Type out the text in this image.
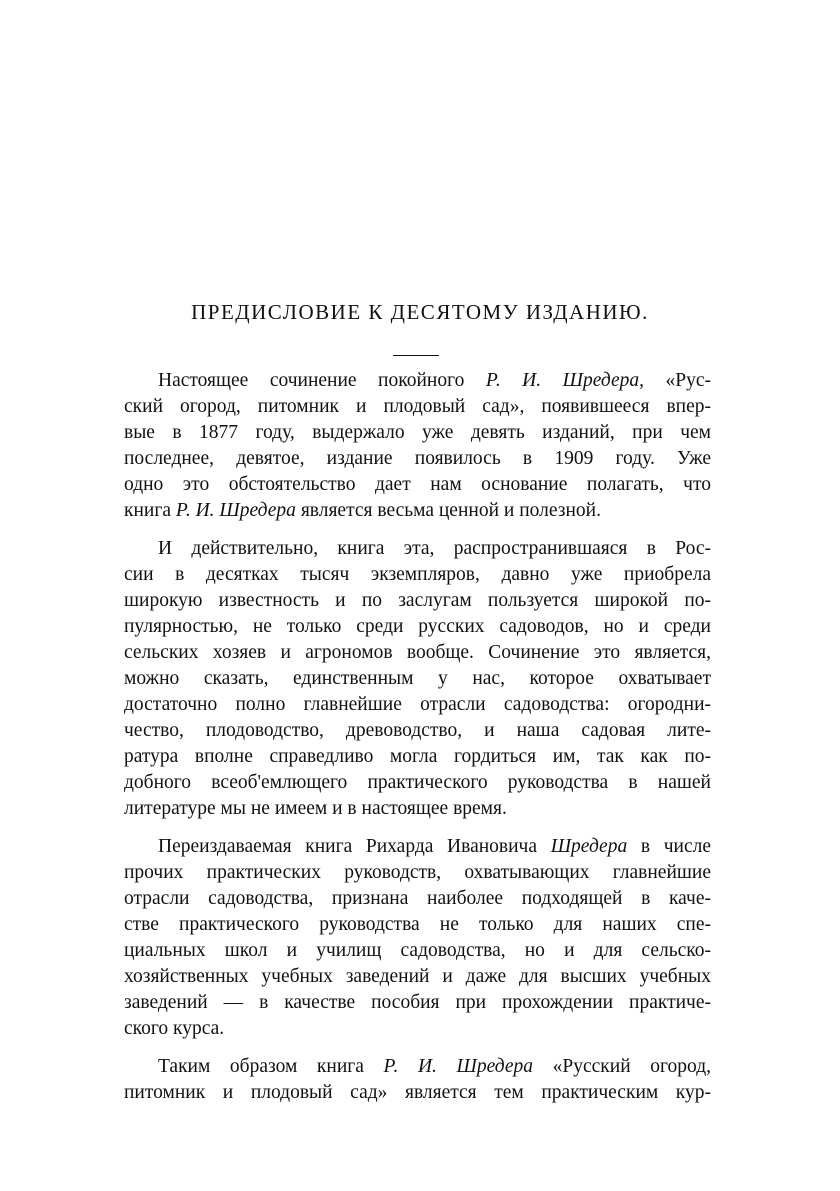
ПРЕДИСЛОВИЕ К ДЕСЯТОМУ ИЗДАНИЮ.
Настоящее сочинение покойного Р. И. Шредера, «Рус-
ский огород, питомник и плодовый сад», появившееся впер-
вые в 1877 году, выдержало уже девять изданий, при чем
последнее, девятое, издание появилось в 1909 году. Уже
одно это обстоятельство дает нам основание полагать, что
книга Р. И. Шредера является весьма ценной и полезной.
И действительно, книга эта, распространившаяся в Рос-
сии в десятках тысяч экземпляров, давно уже приобрела
широкую известность и по заслугам пользуется широкой по-
пулярностью, не только среди русских садоводов, но и среди
сельских хозяев и агрономов вообще. Сочинение это является,
можно сказать, единственным у нас, которое охватывает
достаточно полно главнейшие отрасли садоводства: огородни-
чество, плодоводство, древоводство, и наша садовая лите-
ратура вполне справедливо могла гордиться им, так как по-
добного всеоб'емлющего практического руководства в нашей
литературе мы не имеем и в настоящее время.
Переиздаваемая книга Рихарда Ивановича Шредера в числе
прочих практических руководств, охватывающих главнейшие
отрасли садоводства, признана наиболее подходящей в каче-
стве практического руководства не только для наших спе-
циальных школ и училищ садоводства, но и для сельско-
хозяйственных учебных заведений и даже для высших учебных
заведений — в качестве пособия при прохождении практиче-
ского курса.
Таким образом книга Р. И. Шредера «Русский огород,
питомник и плодовый сад» является тем практическим кур-
